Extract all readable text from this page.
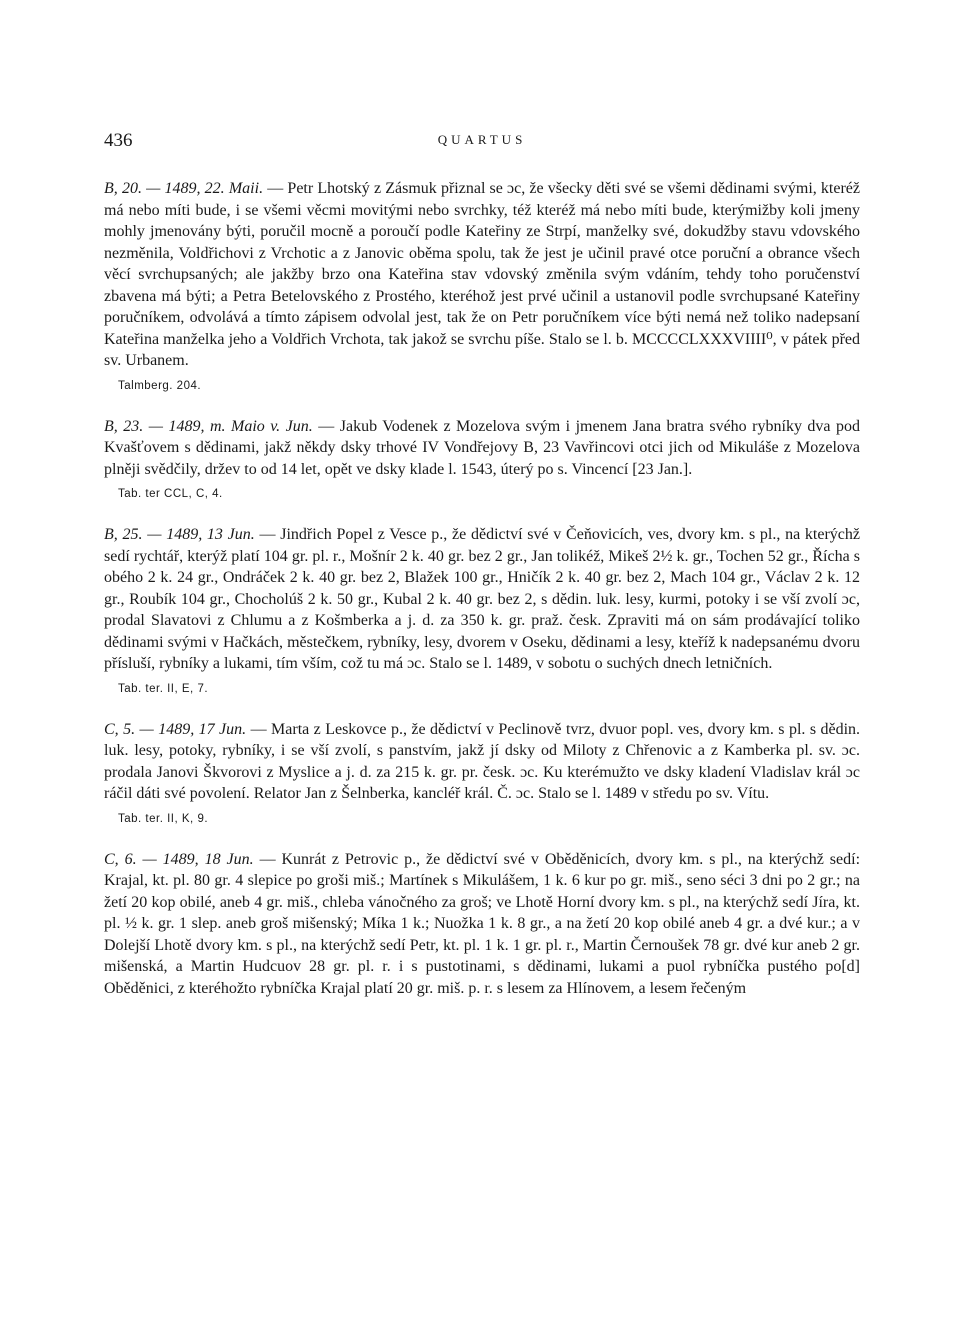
436	QUARTUS
B, 20. — 1489, 22. Maii. — Petr Lhotský z Zásmuk přiznal se ɔc, že všecky děti své se všemi dědinami svými, kteréž má nebo míti bude, i se všemi věcmi movitými nebo svrchky, též kteréž má nebo míti bude, kterýmižby koli jmeny mohly jmenovány býti, poručil mocně a poroučí podle Kateřiny ze Strpí, manželky své, dokudžby stavu vdovského nezměnila, Voldřichovi z Vrchotic a z Janovic oběma spolu, tak že jest je učinil pravé otce poruční a obrance všech věcí svrchupsaných; ale jakžby brzo ona Kateřina stav vdovský změnila svým vdáním, tehdy toho poručenství zbavena má býti; a Petra Betelovského z Prostého, kteréhož jest prvé učinil a ustanovil podle svrchupsané Kateřiny poručníkem, odvolává a tímto zápisem odvolal jest, tak že on Petr poručníkem více býti nemá než toliko nadepsaní Kateřina manželka jeho a Voldřich Vrchota, tak jakož se svrchu píše. Stalo se l. b. MCCCCLXXXVIIII⁰, v pátek před sv. Urbanem.
Talmberg. 204.
B, 23. — 1489, m. Maio v. Jun. — Jakub Vodenek z Mozelova svým i jmenem Jana bratra svého rybníky dva pod Kvašťovem s dědinami, jakž někdy dsky trhové IV Vondřejovy B, 23 Vavřincovi otci jich od Mikuláše z Mozelova plněji svědčily, držev to od 14 let, opět ve dsky klade l. 1543, úterý po s. Vincencí [23 Jan.].
Tab. ter CCL, C, 4.
B, 25. — 1489, 13 Jun. — Jindřich Popel z Vesce p., že dědictví své v Čeňovicích, ves, dvory km. s pl., na kterýchž sedí rychtář, kterýž platí 104 gr. pl. r., Mošnír 2 k. 40 gr. bez 2 gr., Jan tolikéž, Mikeš 2½ k. gr., Tochen 52 gr., Řícha s obého 2 k. 24 gr., Ondráček 2 k. 40 gr. bez 2, Blažek 100 gr., Hničík 2 k. 40 gr. bez 2, Mach 104 gr., Václav 2 k. 12 gr., Roubík 104 gr., Chocholúš 2 k. 50 gr., Kubal 2 k. 40 gr. bez 2, s dědin. luk. lesy, kurmi, potoky i se vší zvolí ɔc, prodal Slavatovi z Chlumu a z Košmberka a j. d. za 350 k. gr. praž. česk. Zpraviti má on sám prodávající toliko dědinami svými v Hačkách, městečkem, rybníky, lesy, dvorem v Oseku, dědinami a lesy, kteříž k nadepsanému dvoru přísluší, rybníky a lukami, tím vším, což tu má ɔc. Stalo se l. 1489, v sobotu o suchých dnech letničních.
Tab. ter. II, E, 7.
C, 5. — 1489, 17 Jun. — Marta z Leskovce p., že dědictví v Peclinově tvrz, dvuor popl. ves, dvory km. s pl. s dědin. luk. lesy, potoky, rybníky, i se vší zvolí, s panstvím, jakž jí dsky od Miloty z Chřenovic a z Kamberka pl. sv. ɔc. prodala Janovi Škvorovi z Myslice a j. d. za 215 k. gr. pr. česk. ɔc. Ku kterémužto ve dsky kladení Vladislav král ɔc ráčil dáti své povolení. Relator Jan z Šelnberka, kancléř král. Č. ɔc. Stalo se l. 1489 v středu po sv. Vítu.
Tab. ter. II, K, 9.
C, 6. — 1489, 18 Jun. — Kunrát z Petrovic p., že dědictví své v Oběděnicích, dvory km. s pl., na kterýchž sedí: Krajal, kt. pl. 80 gr. 4 slepice po groši miš.; Martínek s Mikulášem, 1 k. 6 kur po gr. miš., seno séci 3 dni po 2 gr.; na žetí 20 kop obilé, aneb 4 gr. miš., chleba vánočného za groš; ve Lhotě Horní dvory km. s pl., na kterýchž sedí Jíra, kt. pl. ½ k. gr. 1 slep. aneb groš mišenský; Míka 1 k.; Nuožka 1 k. 8 gr., a na žetí 20 kop obilé aneb 4 gr. a dvé kur.; a v Dolejší Lhotě dvory km. s pl., na kterýchž sedí Petr, kt. pl. 1 k. 1 gr. pl. r., Martin Černoušek 78 gr. dvé kur aneb 2 gr. mišenská, a Martin Hudcuov 28 gr. pl. r. i s pustotinami, s dědinami, lukami a puol rybníčka pustého po[d] Oběděnici, z kteréhožto rybníčka Krajal platí 20 gr. miš. p. r. s lesem za Hlínovem, a lesem řečeným
